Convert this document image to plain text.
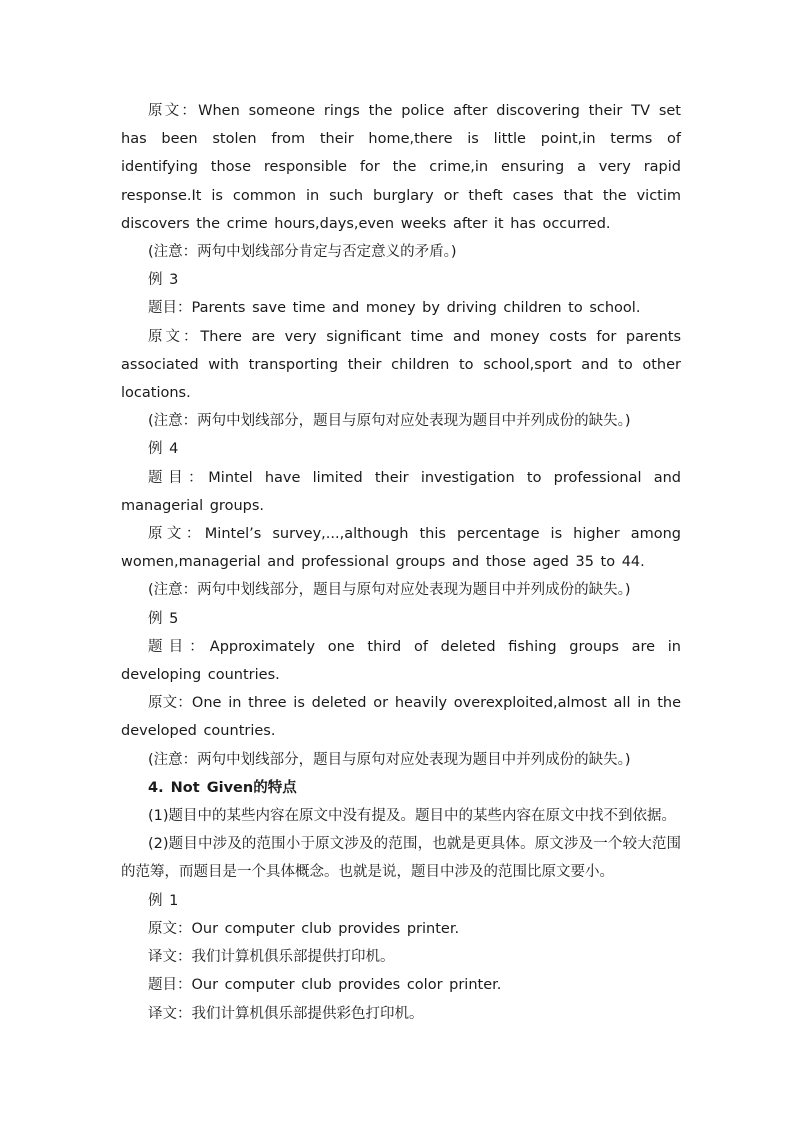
原文：When someone rings the police after discovering their TV set has been stolen from their home,there is little point,in terms of identifying those responsible for the crime,in ensuring a very rapid response.It is common in such burglary or theft cases that the victim discovers the crime hours,days,even weeks after it has occurred.

(注意：两句中划线部分肯定与否定意义的矛盾。)

例 3

题目：Parents save time and money by driving children to school.

原文：There are very significant time and money costs for parents associated with transporting their children to school,sport and to other locations.

(注意：两句中划线部分，题目与原句对应处表现为题目中并列成份的缺失。)

例 4

题目：Mintel have limited their investigation to professional and managerial groups.

原文：Mintel’s survey,...,although this percentage is higher among women,managerial and professional groups and those aged 35 to 44.

(注意：两句中划线部分，题目与原句对应处表现为题目中并列成份的缺失。)

例 5

题目：Approximately one third of deleted fishing groups are in developing countries.

原文：One in three is deleted or heavily overexploited,almost all in the developed countries.

(注意：两句中划线部分，题目与原句对应处表现为题目中并列成份的缺失。)

4. Not Given的特点

(1)题目中的某些内容在原文中没有提及。题目中的某些内容在原文中找不到依据。

(2)题目中涉及的范围小于原文涉及的范围，也就是更具体。原文涉及一个较大范围的范筹，而题目是一个具体概念。也就是说，题目中涉及的范围比原文要小。

例 1

原文：Our computer club provides printer.

译文：我们计算机俱乐部提供打印机。

题目：Our computer club provides color printer.

译文：我们计算机俱乐部提供彩色打印机。
